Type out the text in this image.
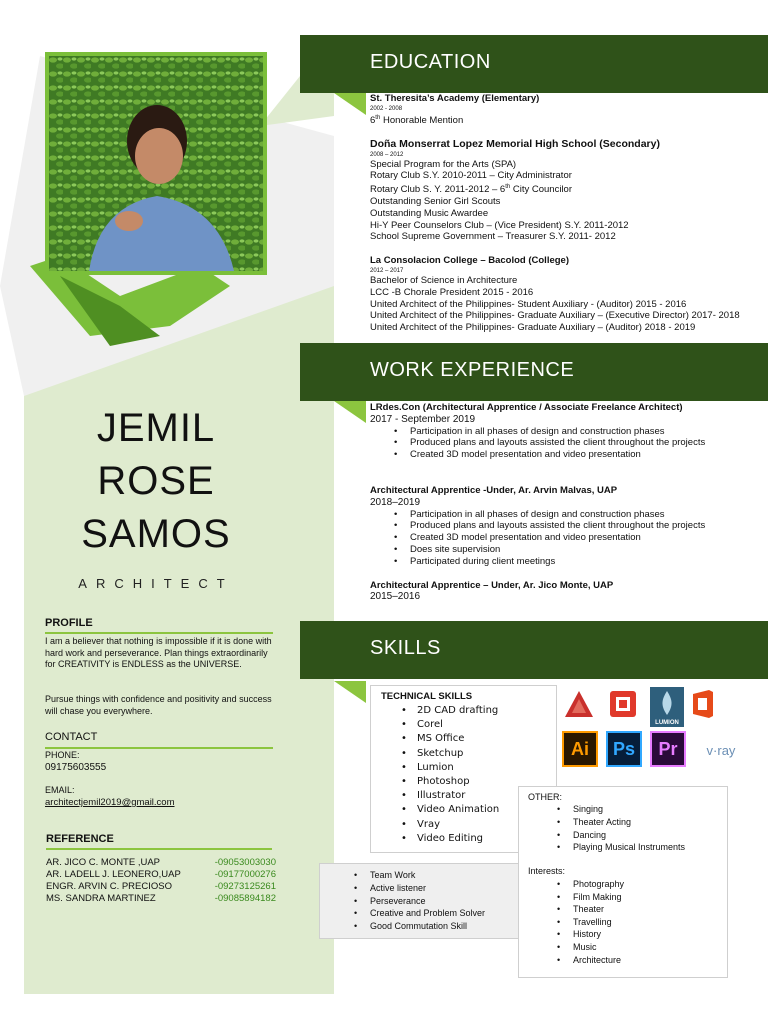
JEMIL
ROSE
SAMOS
ARCHITECT
PROFILE
I am a believer that nothing is impossible if it is done with hard work and perseverance. Plan things extraordinarily for CREATIVITY is ENDLESS as the UNIVERSE.
Pursue things with confidence and positivity and success will chase you everywhere.
CONTACT
PHONE:
09175603555
EMAIL:
architectjemil2019@gmail.com
REFERENCE
AR. JICO C. MONTE ,UAP	-09053003030
AR. LADELL J. LEONERO,UAP	-09177000276
ENGR. ARVIN C. PRECIOSO	-09273125261
MS. SANDRA MARTINEZ	-09085894182
EDUCATION
St. Theresita’s Academy (Elementary)
2002 - 2008
6th Honorable Mention
Doña Monserrat Lopez Memorial High School (Secondary)
2008 – 2012
Special Program for the Arts (SPA)
Rotary Club S.Y. 2010-2011 – City Administrator
Rotary Club S. Y. 2011-2012 – 6th City Councilor
Outstanding Senior Girl Scouts
Outstanding Music Awardee
Hi-Y Peer Counselors Club – (Vice President) S.Y. 2011-2012
School Supreme Government – Treasurer S.Y. 2011- 2012
La Consolacion College – Bacolod (College)
2012 – 2017
Bachelor of Science in Architecture
LCC -B Chorale President 2015 - 2016
United Architect of the Philippines- Student Auxiliary - (Auditor) 2015 - 2016
United Architect of the Philippines- Graduate Auxiliary – (Executive Director) 2017- 2018
United Architect of the Philippines- Graduate Auxiliary – (Auditor) 2018 - 2019
WORK EXPERIENCE
LRdes.Con (Architectural Apprentice / Associate Freelance Architect)
2017 - September 2019
• Participation in all phases of design and construction phases
• Produced plans and layouts assisted the client throughout the projects
• Created 3D model presentation and video presentation
Architectural Apprentice -Under, Ar. Arvin Malvas, UAP
2018–2019
• Participation in all phases of design and construction phases
• Produced plans and layouts assisted the client throughout the projects
• Created 3D model presentation and video presentation
• Does site supervision
• Participated during client meetings
Architectural Apprentice – Under, Ar. Jico Monte, UAP
2015–2016
SKILLS
TECHNICAL SKILLS
• 2D CAD drafting
• Corel
• MS Office
• Sketchup
• Lumion
• Photoshop
• Illustrator
• Video Animation
• Vray
• Video Editing
LUMION
Ai	Ps	Pr	v·ray
• Team Work
• Active listener
• Perseverance
• Creative and Problem Solver
• Good Commutation Skill
OTHER:
• Singing
• Theater Acting
• Dancing
• Playing Musical Instruments
Interests:
• Photography
• Film Making
• Theater
• Travelling
• History
• Music
• Architecture
